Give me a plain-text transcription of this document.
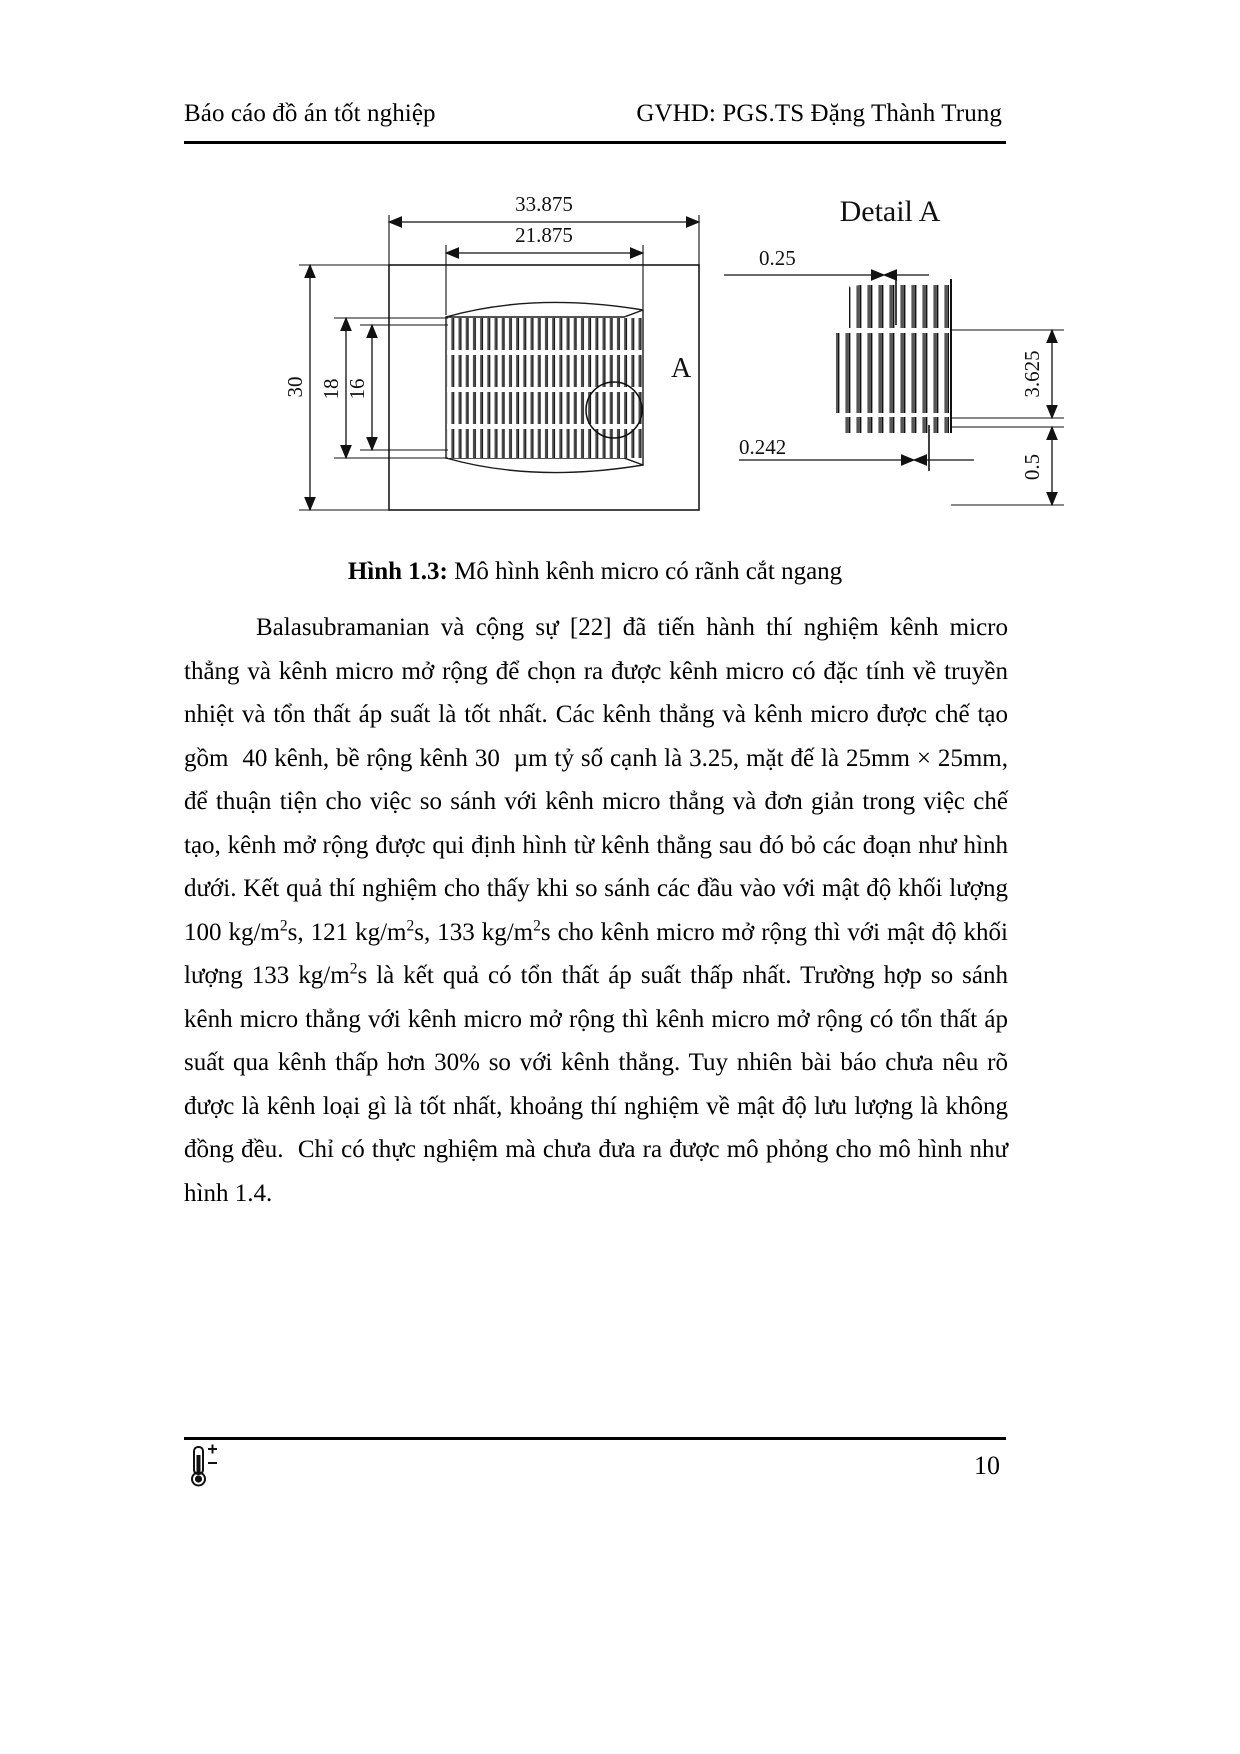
Báo cáo đồ án tốt nghiệp	GVHD: PGS.TS Đặng Thành Trung
A
33.875
21.875
30 18 16
Detail A
0.25
0.242
3.625
0.5
Hình 1.3: Mô hình kênh micro có rãnh cắt ngang

Balasubramanian và cộng sự [22] đã tiến hành thí nghiệm kênh micro thẳng và kênh micro mở rộng để chọn ra được kênh micro có đặc tính về truyền nhiệt và tổn thất áp suất là tốt nhất. Các kênh thẳng và kênh micro được chế tạo gồm  40 kênh, bề rộng kênh 30  µm tỷ số cạnh là 3.25, mặt đế là 25mm × 25mm, để thuận tiện cho việc so sánh với kênh micro thẳng và đơn giản trong việc chế tạo, kênh mở rộng được qui định hình từ kênh thẳng sau đó bỏ các đoạn như hình dưới. Kết quả thí nghiệm cho thấy khi so sánh các đầu vào với mật độ khối lượng 100 $kg/m^2s$, 121 $kg/m^2s$, 133 $kg/m^2s$ cho kênh micro mở rộng thì với mật độ khối lượng 133 $kg/m^2s$ là kết quả có tổn thất áp suất thấp nhất. Trường hợp so sánh kênh micro thẳng với kênh micro mở rộng thì kênh micro mở rộng có tổn thất áp suất qua kênh thấp hơn 30% so với kênh thẳng. Tuy nhiên bài báo chưa nêu rõ được là kênh loại gì là tốt nhất, khoảng thí nghiệm về mật độ lưu lượng là không đồng đều.  Chỉ có thực nghiệm mà chưa đưa ra được mô phỏng cho mô hình như hình 1.4.

10
